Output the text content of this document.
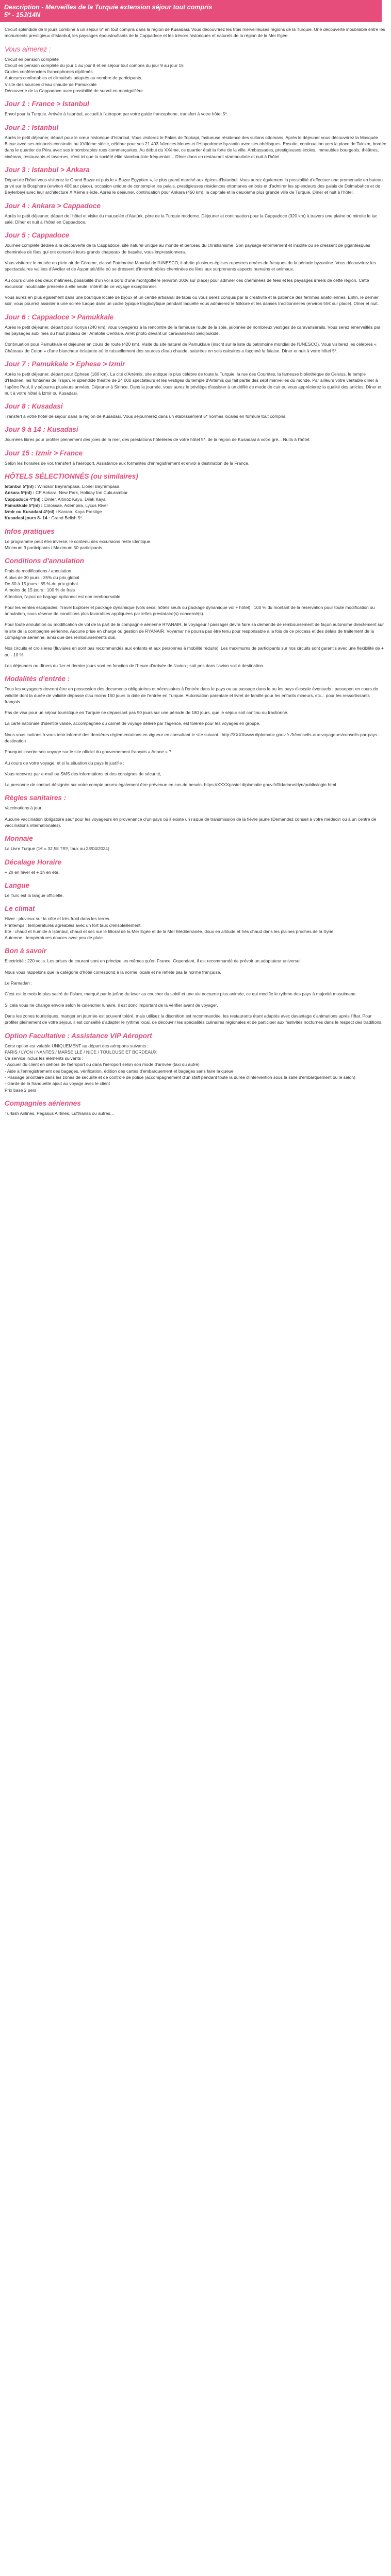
Description - Merveilles de la Turquie extension séjour tout compris
5* - 15J/14N

Circuit splendide de 8 jours combiné à un séjour 5* en tout compris dans la région de Kusadasi. Vous découvrirez les trois merveilleuses régions de la Turquie. Une découverte inoubliable entre les monuments prestigieux d'Istanbul, les paysages époustouflants de la Cappadoce et les trésors historiques et naturels de la région de la Mer Egée.

Vous aimerez :

Circuit en pension complète
Circuit en pension complète du jour 1 au jour 8 et en séjour tout compris du jour 9 au jour 15
Guides conférenciers francophones diplômés
Autocars confortables et climatisés adaptés au nombre de participants.
Visite des sources d'eau chaude de Pamukkale
Découverte de la Cappadoce avec possibilité de survol en montgolfière

Jour 1 : France > Istanbul

Envol pour la Turquie. Arrivée à Istanbul, accueil à l'aéroport par votre guide francophone, transfert à votre hôtel 5*.

Jour 2 : Istanbul

Après le petit déjeuner, départ pour le cœur historique d'Istanbul. Vous visiterez le Palais de Topkapi, fastueuse résidence des sultans ottomans. Après le déjeuner vous découvrirez la Mosquée Bleue avec ses minarets construits au XVIIème siècle, célèbre pour ses 21 403 faïences bleues et l'Hippodrome byzantin avec ses obélisques. Ensuite, continuation vers la place de Taksim, bordée dans le quartier de Péra avec ses innombrables rues commerçantes. Au début du XXème, ce quartier était la forte de la ville. Ambassades, prestigieuses écoles, immeubles bourgeois, théâtres, cinémas, restaurants et tavernes, c'est ici que la société élite stambouliote fréquentait... Dîner dans un restaurant stambouliote et nuit à l'hôtel.

Jour 3 : Istanbul > Ankara

Départ de l'hôtel vous visiterez le Grand Bazar et puis le « Bazar Egyptien », le plus grand marché aux épices d'Istanbul. Vous aurez également la possibilité d'effectuer une promenade en bateau privé sur le Bosphore (environ 40€ sur place), occasion unique de contempler les palais, prestigieuses résidences ottomanes en bois et d'admirer les splendeurs des palais de Dolmabahce et de Beylerbeyi avec leur architecture XIXème siècle. Après le déjeuner, continuation pour Ankara (450 km), la capitale et la deuxième plus grande ville de Turquie. Dîner et nuit à l'hôtel.

Jour 4 : Ankara > Cappadoce

Après le petit déjeuner, départ de l'hôtel et visite du mausolée d'Atatürk, père de la Turquie moderne. Déjeuner et continuation pour la Cappadoce (320 km) à travers une plaine où miroite le lac salé. Dîner et nuit à l'hôtel en Cappadoce.

Jour 5 : Cappadoce

Journée complète dédiée à la découverte de la Cappadoce, site naturel unique au monde et berceau du christianisme. Son paysage énormément et insolite où se dressent de gigantesques cheminées de fées qui ont conservé leurs grands chapeaux de basalte, vous impressionnera.

Vous visiterez le musée en plein air de Göreme, classé Patrimoine Mondial de l'UNESCO, il abrite plusieurs églises rupestres ornées de fresques de la période byzantine. Vous découvrirez les spectaculaires vallées d'Avcilar et de Aşıpınarlı/dille où se dressent d'innombrables cheminées de fées aux surprenants aspects humains et animaux.

Au cours d'une des deux matinées, possibilité d'un vol à bord d'une montgolfière (environ 300€ sur place) pour admirer ces cheminées de fées et les paysages irréels de cette région. Cette excursion inoubliable présente à elle seule l'intérêt de ce voyage exceptionnel.

Vous aurez en plus également dans une boutique locale de bijoux et un centre artisanal de tapis où vous serez conquis par la créativité et la patience des femmes anatoliennes. Enfin, le dernier soir, vous pourrez assister à une soirée turque dans un cadre typique troglodytique pendant laquelle vous admirerez le folklore et les danses traditionnelles (environ 55€ sur place). Dîner et nuit.

Jour 6 : Cappadoce > Pamukkale

Après le petit déjeuner, départ pour Konya (240 km), vous voyagerez à la rencontre de la fameuse route de la soie, jalonnée de nombreux vestiges de caravansérails. Vous serez émerveillés par les paysages sublimes du haut plateau de l'Anatolie Centrale. Arrêt photo devant un caravansérail Seldjoukide.

Continuation pour Pamukkale et déjeuner en cours de route (420 km). Visite du site naturel de Pamukkale (inscrit sur la liste du patrimoine mondial de l'UNESCO). Vous visiterez les célèbres « Châteaux de Coton » d'une blancheur éclatante où le ruissellement des sources d'eau chaude, saturées en sels calcaires a façonné la falaise. Dîner et nuit à votre hôtel 5*.

Jour 7 : Pamukkale > Ephese > Izmir

Après le petit déjeuner, départ pour Ephese (180 km). La cité d'Artémis, site antique le plus célèbre de toute la Turquie, la rue des Courètes, la fameuse bibliothèque de Celsius, le temple d'Hadrien, les fontaines de Trajan, le splendide théâtre de 24 000 spectateurs et les vestiges du temple d'Artémis qui fait partie des sept merveilles du monde. Par ailleurs votre véritable dîner à l'apôtre Paul, il y séjourna plusieurs années. Déjeuner à Sirince. Dans la journée, vous aurez le privilège d'assister à un défilé de mode de cuir ou vous apprécierez la qualité des articles. Dîner et nuit à votre hôtel à Izmir ou Kusadasi.

Jour 8 : Kusadasi

Transfert à votre hôtel de séjour dans la région de Kusadasi. Vous séjournerez dans un établissement 5* normes locales en formule tout compris.

Jour 9 à 14 : Kusadasi

Journées libres pour profiter pleinement des joies de la mer, des prestations hôtelières de votre hôtel 5*, de la région de Kusadasi à votre gré... Nuits à l'hôtel.

Jour 15 : Izmir > France

Selon les horaires de vol, transfert à l'aéroport. Assistance aux formalités d'enregistrement et envol à destination de la France.

HÔTELS SÉLECTIONNÉS (ou similaires)

Istanbul 5*(nl) : Windsor Bayrampasa, Lionel Bayrampasa
Ankara 5*(nl) : CP Ankara, New Park, Holiday Inn Cukurambar
Cappadoce 4*(nl) : Dinler, Altinoz Kayu, Dilek Kaya
Pamukkale 5*(nl) : Colossae, Adempira, Lycus River
Izmir ou Kusadasi 4*(nl) : Karaca, Kaya Prestige
Kusadasi jours 8- 14 : Grand Belish 5*

Infos pratiques

Le programme peut être inversé, le contenu des excursions reste identique.
Minimum 3 participants / Maximum 50 participants

Conditions d'annulation

Frais de modifications / annulation :
A plus de 30 jours : 35% du prix global
De 30 à 15 jours : 85 % du prix global
A moins de 15 jours : 100 % de frais
Attention, l'ajout de bagage optionnel est non remboursable.

Pour les ventes escapades, Travel Explorer et package dynamique (vols secs, hôtels seuls ou package dynamique vol + hôtel) : 100 % du montant de la réservation pour toute modification ou annulation, sous réserve de conditions plus favorables appliquées par le/les prestataire(s) concerné(s).

Pour toute annulation ou modification de vol de la part de la compagnie aérienne RYANAIR, le voyageur / passager devra faire sa demande de remboursement de façon autonome directement sur le site de la compagnie aérienne. Aucune prise en charge ou gestion de RYANAIR. Voyamar ne pourra pas être tenu pour responsable à la fois de ce process et des délais de traitement de la compagnie aérienne, ainsi que des remboursements dûs.

Nos circuits et croisières (fluviales en sont pas recommandés aux enfants et aux personnes à mobilité réduite). Les maximums de participants sur nos circuits sont garantis avec une flexibilité de + ou - 10 %.

Les déjeuners ou dîners du 1er et dernier jours sont en fonction de l'heure d'arrivée de l'avion ; soit pris dans l'avion soit à destination.

Modalités d'entrée :

Tous les voyageurs devront être en possession des documents obligatoires et nécessaires à l'entrée dans le pays ou au passage dans le ou les pays d'escale éventuels : passeport en cours de validité dont la durée de validité dépasse d'au moins 150 jours la date de l'entrée en Turquie. Autorisation parentale et livret de famille pour les enfants mineurs, etc... pour les ressortissants français.

Pas de visa pour un séjour touristique en Turquie ne dépassant pas 90 jours sur une période de 180 jours, que le séjour soit continu ou fractionné.

La carte nationale d'identité valide, accompagnée du carnet de voyage délivré par l'agence, est tolérée pour les voyages en groupe.

Nous vous invitons à vous tenir informé des dernières réglementations en vigueur en consultant le site suivant : http://XXXXwww.diplomatie.gouv.fr /fr/conseils-aux-voyageurs/conseils-par-pays-destination

Pourquoi inscrire son voyage sur le site officiel du gouvernement français « Ariane » ?

Au cours de votre voyage, et si la situation du pays le justifie :

Vous recevrez par e-mail ou SMS des informations et des consignes de sécurité,

La personne de contact désignée sur votre compte pourra également être prévenue en cas de besoin. https://XXXXpastel.diplomatie.gouv.fr/fildariane/dyn/public/login.html

Règles sanitaires :

Vaccinations à jour.

Aucune vaccination obligatoire sauf pour les voyageurs en provenance d'un pays où il existe un risque de transmission de la fièvre jaune (Demandez conseil à votre médecin ou à un centre de vaccinations internationales).

Monnaie

La Livre Turque (1€ = 32,58 TRY, taux au 23/04/2024)

Décalage Horaire

+ 2h en hiver et + 1h en été.

Langue

Le Turc est la langue officielle.

Le climat

Hiver : pluvieux sur la côte et très froid dans les terres.
Printemps : températures agréables avec un fort taux d'ensoleillement.
Eté : chaud et humide à Istanbul, chaud et sec sur le littoral de la Mer Egée et de la Mer Méditerranée, doux en altitude et très chaud dans les plaines proches de la Syrie.
Automne : températures douces avec peu de pluie.

Bon à savoir

Electricité : 220 volts. Les prises de courant sont en principe les mêmes qu'en France. Cependant, il est recommandé de prévoir un adaptateur universel.

Nous vous rappelons que la catégorie d'hôtel correspond à la norme locale et ne reflète pas la norme française.

Le Ramadan :

C'est est le mois le plus sacré de l'islam, marqué par le jeûne du lever au coucher du soleil et une vie nocturne plus animée, ce qui modifie le rythme des pays à majorité musulmane.

Si cela vous ne change envoie selon le calendrier lunaire, il est donc important de la vérifier avant de voyager.

Dans les zones touristiques, manger en journée est souvent toléré, mais utilisez la discrétion est recommandée, les restaurants étant adaptés avec davantage d'animations après l'Iftar. Pour profiter pleinement de votre séjour, il est conseillé d'adapter le rythme local, de découvrir les spécialités culinaires régionales et de participer aux festivités nocturnes dans le respect des traditions.

Option Facultative : Assistance VIP Aéroport

Cette option est valable UNIQUEMENT au départ des aéroports suivants :
PARIS / LYON / NANTES / MARSEILLE / NICE / TOULOUSE ET BORDEAUX
Ce service inclus les éléments suivants :
- Accueil du client en dehors de l'aéroport ou dans l'aéroport selon son mode d'arrivée (taxi ou autre)
- Aide à l'enregistrement des bagages, vérification, édition des cartes d'embarquement et bagages sans faire la queue
- Passage prioritaire dans les zones de sécurité et de contrôle de police (accompagnement d'un staff pendant toute la durée d'intervention sous la salle d'embarquement ou le salon)
- Garde de la franquette ajout au voyage avec le client
Prix base 2 pers

Compagnies aériennes

Turkish Airlines, Pegasus Airlines, Lufthansa ou autres...
